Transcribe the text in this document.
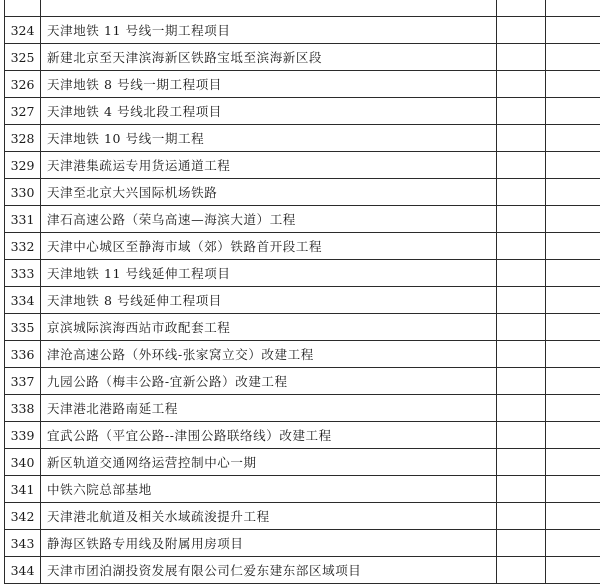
324	天津地铁 11 号线一期工程项目		
325	新建北京至天津滨海新区铁路宝坻至滨海新区段		
326	天津地铁 8 号线一期工程项目		
327	天津地铁 4 号线北段工程项目		
328	天津地铁 10 号线一期工程		
329	天津港集疏运专用货运通道工程		
330	天津至北京大兴国际机场铁路		
331	津石高速公路（荣乌高速—海滨大道）工程		
332	天津中心城区至静海市域（郊）铁路首开段工程		
333	天津地铁 11 号线延伸工程项目		
334	天津地铁 8 号线延伸工程项目		
335	京滨城际滨海西站市政配套工程		
336	津沧高速公路（外环线-张家窝立交）改建工程		
337	九园公路（梅丰公路-宜新公路）改建工程		
338	天津港北港路南延工程		
339	宜武公路（平宜公路--津围公路联络线）改建工程		
340	新区轨道交通网络运营控制中心一期		
341	中铁六院总部基地		
342	天津港北航道及相关水域疏浚提升工程		
343	静海区铁路专用线及附属用房项目		
344	天津市团泊湖投资发展有限公司仁爱东建东部区域项目		
